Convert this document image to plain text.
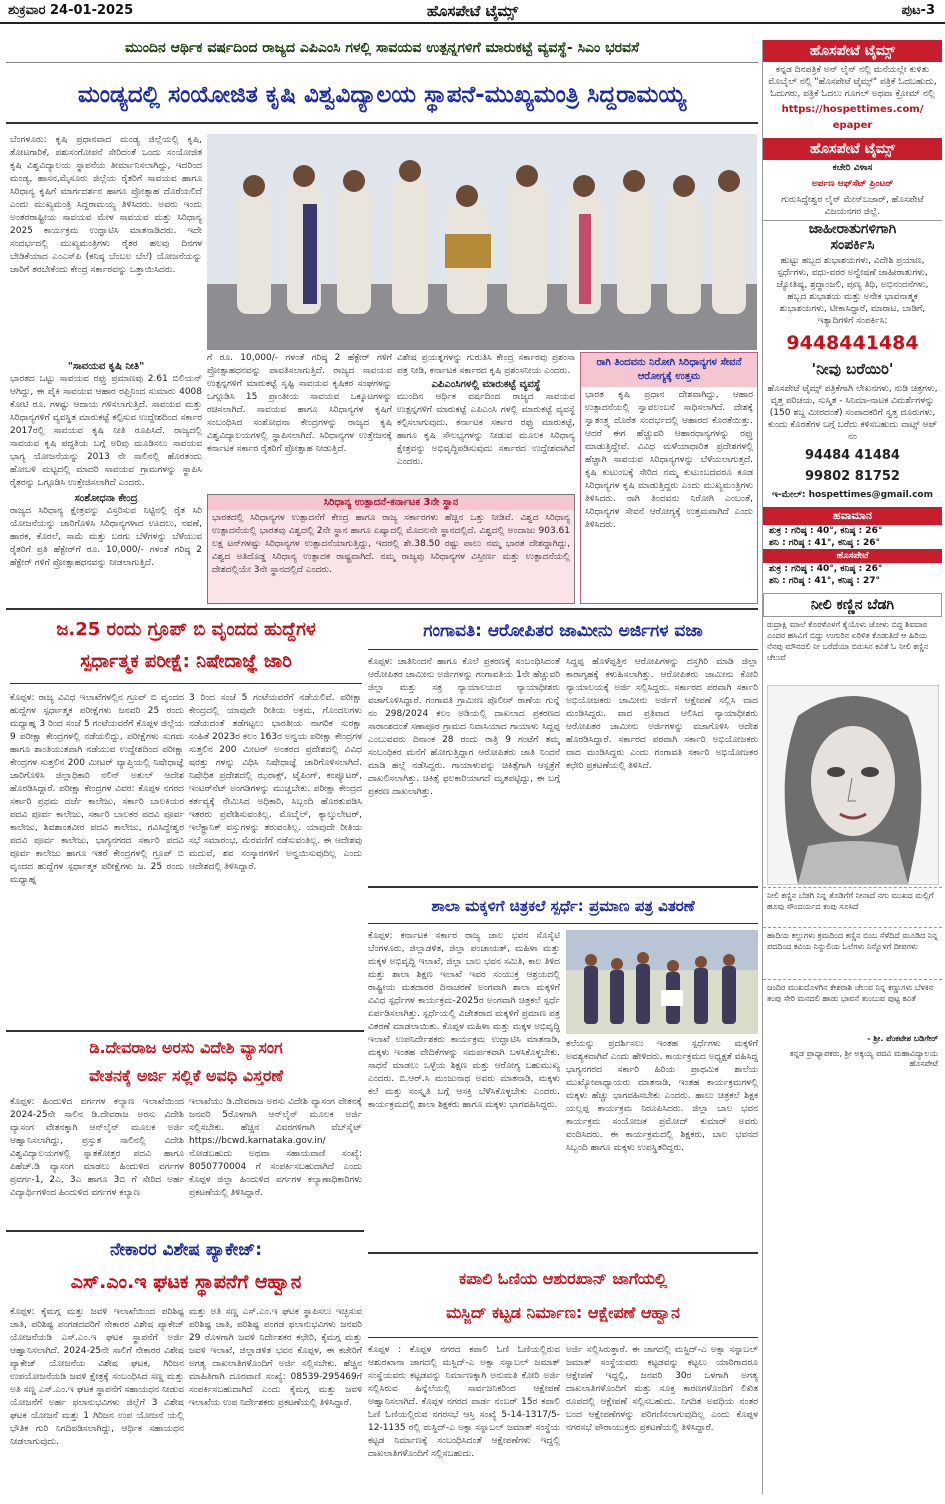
ಶುಕ್ರವಾರ 24-01-2025	ಹೊಸಪೇಟೆ ಟೈಮ್ಸ್	ಪುಟ-3
ಮುಂದಿನ ಆರ್ಥಿಕ ವರ್ಷದಿಂದ ರಾಜ್ಯದ ಎಪಿಎಂಸಿ ಗಳಲ್ಲಿ ಸಾವಯವ ಉತ್ಪನ್ನಗಳಿಗೆ ಮಾರುಕಟ್ಟೆ ವ್ಯವಸ್ಥೆ- ಸಿಎಂ ಭರವಸೆ
ಮಂಡ್ಯದಲ್ಲಿ ಸಂಯೋಜಿತ ಕೃಷಿ ವಿಶ್ವವಿದ್ಯಾಲಯ ಸ್ಥಾಪನೆ-ಮುಖ್ಯಮಂತ್ರಿ ಸಿದ್ದರಾಮಯ್ಯ
ಬೆಂಗಳೂರು: ಕೃಷಿ ಪ್ರಧಾನವಾದ ಮಂಡ್ಯ ಜಿಲ್ಲೆಯಲ್ಲಿ ಕೃಷಿ, ತೋಟಗಾರಿಕೆ, ಪಶುಸಂಗೋಪನೆ ಸೇರಿದಂತೆ ಒಂದು ಸಂಯೋಜಿತ ಕೃಷಿ ವಿಶ್ವವಿದ್ಯಾಲಯ ಸ್ಥಾಪನೆಯ ತೀರ್ಮಾನಿಸಲಾಗಿದ್ದು, ಇದರಿಂದ ಮಂಡ್ಯ, ಹಾಸನ,ಮೈಸೂರು ಜಿಲ್ಲೆಯ ರೈತರಿಗೆ ಸಾವಯವ ಹಾಗೂ ಸಿರಿಧಾನ್ಯ ಕೃಷಿಗೆ ಮಾರ್ಗದರ್ಶನ ಹಾಗೂ ಪ್ರೋತ್ಸಾಹ ದೊರೆಯಲಿದೆ ಎಂದು ಮುಖ್ಯಮಂತ್ರಿ ಸಿದ್ದರಾಮಯ್ಯ ತಿಳಿಸಿದರು. ಅವರು ಇಂದು ಅಂತರರಾಷ್ಟ್ರೀಯ ಸಾವಯವ ಮೇಳ ಸಾವಯವ ಮತ್ತು ಸಿರಿಧಾನ್ಯ 2025 ಕಾರ್ಯಕ್ರಮ ಉದ್ಘಾಟಿಸಿ ಮಾತನಾಡಿದರು. ಇದೇ ಸಂದರ್ಭದಲ್ಲಿ ಮುಖ್ಯಮಂತ್ರಿಗಳು ರೈತರ ಹಲವು ದಿನಗಳ ಬೇಡಿಕೆಯಾದ ಎಂಎಸ್‌ಪಿ (ಕನಿಷ್ಠ ಬೆಂಬಲ ಬೆಲೆ) ಯೋಜನೆಯನ್ನು ಜಾರಿಗೆ ತರಬೇಕೆಂದು ಕೇಂದ್ರ ಸರ್ಕಾರವನ್ನು ಒತ್ತಾಯಿಸಿದರು.
"ಸಾವಯವ ಕೃಷಿ ನೀತಿ"
ಭಾರತದ ಒಟ್ಟು ಸಾವಯವ ರಫ್ತು ಪ್ರಮಾಣವು 2.61 ಬಿಲಿಯನ್ ಆಗಿದ್ದು, ಈ ಪೈಕಿ ಸಾವಯವ ಆಹಾರ ರಫ್ತಿನಿಂದ ಸುಮಾರು 4008 ಕೋಟಿ ರೂ. ಗಳಷ್ಟು ಆದಾಯ ಗಳಿಸಲಾಗುತ್ತಿದೆ. ಸಾವಯವ ಮತ್ತು ಸಿರಿಧಾನ್ಯಗಳಿಗೆ ವ್ಯವಸ್ಥಿತ ಮಾರುಕಟ್ಟೆ ಕಲ್ಪಿಸುವ ಉದ್ದೇಶದಿಂದ ಸರ್ಕಾರ 2017ರಲ್ಲಿ ಸಾವಯವ ಕೃಷಿ ನೀತಿ ರೂಪಿಸಿದೆ. ರಾಜ್ಯದಲ್ಲಿ ಸಾವಯವ ಕೃಷಿ ಪದ್ಧತಿಯ ಬಗ್ಗೆ ಅರಿವು ಮೂಡಿಸಲು ಸಾವಯವ ಭಾಗ್ಯ ಯೋಜನೆಯನ್ನು 2013 ನೇ ಸಾಲಿನಲ್ಲಿ ಹೊರತಂದು ಹೋಬಳಿ ಮಟ್ಟದಲ್ಲಿ ಮಾದರಿ ಸಾವಯವ ಗ್ರಾಮಗಳನ್ನು ಸ್ಥಾಪಿಸಿ ರೈತರನ್ನು ಒಗ್ಗೂಡಿಸಿ ಉತ್ತೇಜಿಸಲಾಗಿದೆ ಎಂದರು.
ಸಂಶೋಧನಾ ಕೇಂದ್ರ
ರಾಜ್ಯದ ಸಿರಿಧಾನ್ಯ ಕ್ಷೇತ್ರವನ್ನು ವಿಸ್ತರಿಸುವ ನಿಟ್ಟಿನಲ್ಲಿ ರೈತ ಸಿರಿ ಯೋಜನೆಯನ್ನು ಜಾರಿಗೊಳಿಸಿ ಸಿರಿಧಾನ್ಯಗಳಾದ ಊದಲು, ನವಣೆ, ಹಾರಕ, ಕೊರಲೆ, ಸಾಮೆ ಮತ್ತು ಬರಗು ಬೆಳೆಗಳನ್ನು ಬೆಳೆಯುವ ರೈತರಿಗೆ ಪ್ರತಿ ಹೆಕ್ಟೇರ್‌ಗೆ ರೂ. 10,000/- ಗಳಂತೆ ಗರಿಷ್ಠ 2 ಹೆಕ್ಟೇರ್ ಗಳಿಗೆ ಪ್ರೋತ್ಸಾಹಧನವನ್ನು ನೀಡಲಾಗುತ್ತಿದೆ.
ಗೆ ರೂ. 10,000/- ಗಳಂತೆ ಗರಿಷ್ಠ 2 ಹೆಕ್ಟೇರ್ ಗಳಿಗೆ ಪ್ರೋತ್ಸಾಹಧನವನ್ನು ಪಾವತಿಸಲಾಗುತ್ತಿದೆ. ರಾಜ್ಯದ ಸಾವಯವ ಉತ್ಪನ್ನಗಳಿಗೆ ಮಾರುಕಟ್ಟೆ ಸೃಷ್ಟಿ ಸಾವಯವ ಕೃಷಿಕರ ಸಂಘಗಳನ್ನು ಒಗ್ಗೂಡಿಸಿ 15 ಪ್ರಾಂತೀಯ ಸಾವಯವ ಒಕ್ಕೂಟಗಳನ್ನು ರಚಿಸಲಾಗಿದೆ. ಸಾವಯವ ಹಾಗೂ ಸಿರಿಧಾನ್ಯಗಳ ಕೃಷಿಗೆ ಸಂಬಂಧಿಸಿದ ಸಂಶೋಧನಾ ಕೇಂದ್ರಗಳನ್ನು ರಾಜ್ಯದ ಕೃಷಿ ವಿಶ್ವವಿದ್ಯಾಲಯಗಳಲ್ಲಿ ಸ್ಥಾಪಿಸಲಾಗಿದೆ. ಸಿರಿಧಾನ್ಯಗಳ ಉತ್ತೇಜನಕ್ಕೆ ಕರ್ನಾಟಕ ಸರ್ಕಾರ ರೈತರಿಗೆ ಪ್ರೋತ್ಸಾಹ ನೀಡುತ್ತಿದೆ.
ವಿಶೇಷ ಪ್ರಯತ್ನಗಳನ್ನು ಗುರುತಿಸಿ ಕೇಂದ್ರ ಸರ್ಕಾರವು ಪ್ರಶಂಸಾ ಪತ್ರ ನೀಡಿ, ಕರ್ನಾಟಕ ಸರ್ಕಾರದ ಕೃಷಿ ಪ್ರಶಂಸನೀಯ ಎಂದರು.
ಎಪಿಎಂಸಿಗಳಲ್ಲಿ ಮಾರುಕಟ್ಟೆ ವ್ಯವಸ್ಥೆ
ಮುಂದಿನ ಆರ್ಥಿಕ ವರ್ಷದಿಂದ ರಾಜ್ಯದ ಸಾವಯವ ಉತ್ಪನ್ನಗಳಿಗೆ ಮಾರುಕಟ್ಟೆ ಎಪಿಎಂಸಿ ಗಳಲ್ಲಿ ಮಾರುಕಟ್ಟೆ ವ್ಯವಸ್ಥೆ ಕಲ್ಪಿಸಲಾಗುವುದು. ಕರ್ನಾಟಕ ಸರ್ಕಾರ ರಫ್ತು ಮಾರುಕಟ್ಟೆ, ಹಾಗೂ ಕೃಷಿ ಸೌಲಭ್ಯಗಳನ್ನು ನೀಡುವ ಮೂಲಕ ಸಿರಿಧಾನ್ಯ ಕ್ಷೇತ್ರವನ್ನು ಅಭಿವೃದ್ಧಿಪಡಿಸುವುದು ಸರ್ಕಾರದ ಉದ್ದೇಶವಾಗಿದೆ ಎಂದರು.
ಸಿರಿಧಾನ್ಯ ಉತ್ಪಾದನೆ-ಕರ್ನಾಟಕ 3ನೇ ಸ್ಥಾನ
ಭಾರತದಲ್ಲಿ ಸಿರಿಧಾನ್ಯಗಳ ಉತ್ಪಾದನೆಗೆ ಕೇಂದ್ರ ಹಾಗೂ ರಾಜ್ಯ ಸರ್ಕಾರಗಳು ಹೆಚ್ಚಿನ ಒತ್ತು ನೀಡಿವೆ. ವಿಶ್ವದ ಸಿರಿಧಾನ್ಯ ಉತ್ಪಾದನೆಯಲ್ಲಿ ಭಾರತವು ವಿಶ್ವದಲ್ಲಿ 2ನೇ ಸ್ಥಾನ ಹಾಗೂ ಏಷ್ಯಾದಲ್ಲಿ ಮೊದಲನೇ ಸ್ಥಾನದಲ್ಲಿದೆ. ವಿಶ್ವದಲ್ಲಿ ಅಂದಾಜು 903.61 ಲಕ್ಷ ಟನ್‌ಗಳಷ್ಟು ಸಿರಿಧಾನ್ಯಗಳ ಉತ್ಪಾದನೆಯಾಗುತ್ತಿದ್ದು, ಇದರಲ್ಲಿ ಶೇ.38.50 ರಷ್ಟು ಪಾಲು ನಮ್ಮ ಭಾರತ ದೇಶದ್ದಾಗಿದ್ದು, ವಿಶ್ವದ ಅತಿದೊಡ್ಡ ಸಿರಿಧಾನ್ಯ ಉತ್ಪಾದಕ ರಾಷ್ಟ್ರವಾಗಿದೆ. ನಮ್ಮ ರಾಜ್ಯವು ಸಿರಿಧಾನ್ಯಗಳ ವಿಸ್ತೀರ್ಣ ಮತ್ತು ಉತ್ಪಾದನೆಯಲ್ಲಿ ದೇಶದಲ್ಲಿಯೇ 3ನೇ ಸ್ಥಾನದಲ್ಲಿದೆ ಎಂದರು.
ರಾಗಿ ತಿಂದವನು ನಿರೋಗಿ ಸಿರಿಧಾನ್ಯಗಳ ಸೇವನೆ ಆರೋಗ್ಯಕ್ಕೆ ಉತ್ತಮ
ಭಾರತ ಕೃಷಿ ಪ್ರಧಾನ ದೇಶವಾಗಿದ್ದು, ಆಹಾರ ಉತ್ಪಾದನೆಯಲ್ಲಿ ಸ್ವಾವಲಂಬನೆ ಸಾಧಿಸಲಾಗಿದೆ. ದೇಶಕ್ಕೆ ಸ್ವಾತಂತ್ರ್ಯ ದೊರೆತ ಸಂದರ್ಭದಲ್ಲಿ ಆಹಾರದ ಕೊರತೆಯಿತ್ತು. ಆದರೆ ಈಗ ಹೆಚ್ಚುವರಿ ಆಹಾರಧಾನ್ಯಗಳನ್ನು ರಫ್ತು ಮಾಡುತ್ತಿದ್ದೇವೆ. ವಿವಿಧ ಮಳೆಯಾಧಾರಿತ ಪ್ರದೇಶಗಳಲ್ಲಿ ಹೆಚ್ಚಾಗಿ ಸಾವಯವ ಸಿರಿಧಾನ್ಯಗಳನ್ನು ಬೆಳೆಯಲಾಗುತ್ತದೆ. ಕೃಷಿ ಕುಟುಂಬಕ್ಕೆ ಸೇರಿದ ನಮ್ಮ ಕುಟುಂಬದವರೂ ಕೂಡ ಸಿರಿಧಾನ್ಯಗಳ ಕೃಷಿ ಮಾಡುತ್ತಿದ್ದರು ಎಂದು ಮುಖ್ಯಮಂತ್ರಿಗಳು ತಿಳಿಸಿದರು. ರಾಗಿ ತಿಂದವನು ನಿರೋಗಿ ಎಂಬಂತೆ, ಸಿರಿಧಾನ್ಯಗಳ ಸೇವನೆ ಆರೋಗ್ಯಕ್ಕೆ ಉತ್ತಮವಾಗಿದೆ ಎಂದು ತಿಳಿಸಿದರು.
ಜ.25 ರಂದು ಗ್ರೂಪ್ ಬಿ ವೃಂದದ ಹುದ್ದೆಗಳ
ಸ್ಪರ್ಧಾತ್ಮಕ ಪರೀಕ್ಷೆ: ನಿಷೇದಾಜ್ಞೆ ಜಾರಿ
ಕೊಪ್ಪಳ: ರಾಜ್ಯ ವಿವಿಧ ಇಲಾಖೆಗಳಲ್ಲಿನ ಗ್ರೂಪ್ ಬಿ ವೃಂದದ ಹುದ್ದೆಗಳ ಸ್ಪರ್ಧಾತ್ಮಕ ಪರೀಕ್ಷೆಗಳು ಜನವರಿ 25 ರಂದು ಮಧ್ಯಾಹ್ನ 3 ರಿಂದ ಸಂಜೆ 5 ಗಂಟೆಯವರೆಗೆ ಕೊಪ್ಪಳ ಜಿಲ್ಲೆಯ 9 ಪರೀಕ್ಷಾ ಕೇಂದ್ರಗಳಲ್ಲಿ ನಡೆಯಲಿದ್ದು, ಪರೀಕ್ಷೆಗಳು ಸುಗಮ ಹಾಗೂ ಶಾಂತಿಯುತವಾಗಿ ನಡೆಯುವ ಉದ್ದೇಶದಿಂದ ಪರೀಕ್ಷಾ ಕೇಂದ್ರಗಳ ಸುತ್ತಲಿನ 200 ಮೀಟರ್ ವ್ಯಾಪ್ತಿಯಲ್ಲಿ ನಿಷೇಧಾಜ್ಞೆ ಜಾರಿಗೊಳಿಸಿ ಜಿಲ್ಲಾಧಿಕಾರಿ ನಲಿನ್ ಅತುಲ್ ಆದೇಶ ಹೊರಡಿಸಿದ್ದಾರೆ. ಪರೀಕ್ಷಾ ಕೇಂದ್ರಗಳ ವಿವರ: ಕೊಪ್ಪಳ ನಗರದ ಸರ್ಕಾರಿ ಪ್ರಥಮ ದರ್ಜೆ ಕಾಲೇಜು, ಸರ್ಕಾರಿ ಬಾಲಕಿಯರ ಪದವಿ ಪೂರ್ವ ಕಾಲೇಜು, ಸರ್ಕಾರಿ ಬಾಲಕರ ಪದವಿ ಪೂರ್ವ ಕಾಲೇಜು, ಶಿವಶಾಂತವೀರ ಪದವಿ ಕಾಲೇಜು, ಗವಿಸಿದ್ದೇಶ್ವರ ಪದವಿ ಪೂರ್ವ ಕಾಲೇಜು, ಭಾಗ್ಯನಗರದ ಸರ್ಕಾರಿ ಪದವಿ ಪೂರ್ವ ಕಾಲೇಜು ಹಾಗೂ ಇತರೆ ಕೇಂದ್ರಗಳಲ್ಲಿ ಗ್ರೂಪ್ ಬಿ ವೃಂದದ ಹುದ್ದೆಗಳ ಸ್ಪರ್ಧಾತ್ಮಕ ಪರೀಕ್ಷೆಗಳು ಜ. 25 ರಂದು ಮಧ್ಯಾಹ್ನ
3 ರಿಂದ ಸಂಜೆ 5 ಗಂಟೆಯವರೆಗೆ ನಡೆಯಲಿವೆ. ಪರೀಕ್ಷಾ ಕೇಂದ್ರದಲ್ಲಿ ಯಾವುದೇ ರೀತಿಯ ಅಕ್ರಮ, ಗೊಂದಲಗಳು ನಡೆಯದಂತೆ ತಡೆಗಟ್ಟಲು ಭಾರತೀಯ ನಾಗರಿಕ ಸುರಕ್ಷಾ ಸಂಹಿತೆ 2023ರ ಕಲಂ 163ರ ಅನ್ವಯ ಪರೀಕ್ಷಾ ಕೇಂದ್ರಗಳ ಸುತ್ತಲಿನ 200 ಮೀಟರ್ ಅಂತರದ ಪ್ರದೇಶದಲ್ಲಿ ವಿವಿಧ ಷರತ್ತು ಗಳನ್ನು ವಿಧಿಸಿ ನಿಷೇಧಾಜ್ಞೆ ಜಾರಿಗೊಳಿಸಲಾಗಿದೆ. ನಿಷೇಧಿತ ಪ್ರದೇಶದಲ್ಲಿ ಝರಾಕ್ಸ್, ಟೈಪಿಂಗ್, ಕಂಪ್ಯೂಟರ್, ಇಂಟರ್‌ನೆಟ್ ಅಂಗಡಿಗಳನ್ನು ಮುಚ್ಚಬೇಕು. ಪರೀಕ್ಷಾ ಕೇಂದ್ರದ ಕರ್ತವ್ಯಕ್ಕೆ ನೇಮಿಸಿದ ಅಧಿಕಾರಿ, ಸಿಬ್ಬಂದಿ ಹೊರತುಪಡಿಸಿ ಇತರರು ಪ್ರವೇಶಿಸುವಂತಿಲ್ಲ. ಮೊಬೈಲ್, ಕ್ಯಾಲ್ಕುಲೇಟರ್, ಇಲೆಕ್ಟ್ರಾನಿಕ್ ವಸ್ತುಗಳನ್ನು ತರುವಂತಿಲ್ಲ. ಯಾವುದೇ ರೀತಿಯ ಸಭೆ ಸಮಾರಂಭ, ಮೆರವಣಿಗೆ ನಡೆಸುವಂತಿಲ್ಲ. ಈ ಆದೇಶವು ಮದುವೆ, ಶವ ಸಂಸ್ಕಾರಗಳಿಗೆ ಅನ್ವಯಿಸುವುದಿಲ್ಲ ಎಂದು ಆದೇಶದಲ್ಲಿ ತಿಳಿಸಿದ್ದಾರೆ.
ಡಿ.ದೇವರಾಜ ಅರಸು ವಿದೇಶಿ ವ್ಯಾಸಂಗ
ವೇತನಕ್ಕೆ ಅರ್ಜಿ ಸಲ್ಲಿಕೆ ಅವಧಿ ವಿಸ್ತರಣೆ
ಕೊಪ್ಪಳ: ಹಿಂದುಳಿದ ವರ್ಗಗಳ ಕಲ್ಯಾಣ ಇಲಾಖೆಯಿಂದ 2024-25ನೇ ಸಾಲಿನ ಡಿ.ದೇವರಾಜ ಅರಸು ವಿದೇಶಿ ವ್ಯಾಸಂಗ ವೇತನಕ್ಕಾಗಿ ಆನ್‌ಲೈನ್ ಮೂಲಕ ಅರ್ಜಿ ಆಹ್ವಾನಿಸಲಾಗಿದ್ದು, ಪ್ರಸ್ತುತ ಸಾಲಿನಲ್ಲಿ ವಿದೇಶಿ ವಿಶ್ವವಿದ್ಯಾಲಯಗಳಲ್ಲಿ ಸ್ನಾತಕೋತ್ತರ ಪದವಿ ಹಾಗೂ ಪಿಹೆಚ್.ಡಿ ವ್ಯಾಸಂಗ ಮಾಡಲು ಹಿಂದುಳಿದ ವರ್ಗಗಳ ಪ್ರವರ್ಗ-1, 2ಎ, 3ಎ ಹಾಗೂ 3ಬಿ ಗೆ ಸೇರಿದ ಅರ್ಹ ವಿದ್ಯಾರ್ಥಿಗಳಿಂದ ಹಿಂದುಳಿದ ವರ್ಗಗಳ ಕಲ್ಯಾಣ
ಇಲಾಖೆಯು ಡಿ.ದೇವರಾಜ ಅರಸು ವಿದೇಶಿ ವ್ಯಾಸಂಗ ವೇತನಕ್ಕೆ ಜನವರಿ 5ರೊಳಗಾಗಿ ಆನ್‌ಲೈನ್ ಮೂಲಕ ಅರ್ಜಿ ಸಲ್ಲಿಸಬೇಕು. ಹೆಚ್ಚಿನ ವಿವರಗಳಿಗಾಗಿ ವೆಬ್‌ಸೈಟ್ https://bcwd.karnataka.gov.in/ ನೋಡಬಹುದು ಅಥವಾ ಸಹಾಯವಾಣಿ ಸಂಖ್ಯೆ: 8050770004 ಗೆ ಸಂಪರ್ಕಿಸಬಹುದಾಗಿದೆ ಎಂದು ಕೊಪ್ಪಳ ಜಿಲ್ಲಾ ಹಿಂದುಳಿದ ವರ್ಗಗಳ ಕಲ್ಯಾಣಾಧಿಕಾರಿಗಳು ಪ್ರಕಟಣೆಯಲ್ಲಿ ತಿಳಿಸಿದ್ದಾರೆ.
ನೇಕಾರರ ವಿಶೇಷ ಪ್ಯಾಕೇಜ್:
ಎಸ್.ಎಂ.ಇ ಘಟಕ ಸ್ಥಾಪನೆಗೆ ಆಹ್ವಾನ
ಕೊಪ್ಪಳ: ಕೈಮಗ್ಗ ಮತ್ತು ಜವಳಿ ಇಲಾಖೆಯಿಂದ ಪರಿಶಿಷ್ಟ ಜಾತಿ, ಪರಿಶಿಷ್ಟ ಪಂಗಡದವರಿಗೆ ನೇಕಾರರ ವಿಶೇಷ ಪ್ಯಾಕೇಜ್ ಯೋಜನೆಯಡಿ ಎಸ್.ಎಂ.ಇ ಘಟಕ ಸ್ಥಾಪನೆಗೆ ಅರ್ಜಿ ಆಹ್ವಾನಿಸಲಾಗಿದೆ. 2024-25ನೇ ಸಾಲಿಗೆ ನೇಕಾರರ ವಿಶೇಷ ಪ್ಯಾಕೇಜ್ ಯೋಜನೆಯ ವಿಶೇಷ ಘಟಕ, ಗಿರಿಜನ ಉಪಯೋಜನೆಯಡಿ ಜವಳಿ ಕ್ಷೇತ್ರಕ್ಕೆ ಸಂಬಂಧಿಸಿದ ಸಣ್ಣ ಮತ್ತು ಅತಿ ಸಣ್ಣ ಎಸ್.ಎಂ.ಇ ಘಟಕ ಸ್ಥಾಪನೆಗೆ ಸಹಾಯಧನ ನೀಡುವ ಯೋಜನೆಗೆ ಅರ್ಹ ಫಲಾನುಭವಿಗಳು ಜಿಲ್ಲೆಗೆ 3 ವಿಶೇಷ ಘಟಕ ಯೋಜನೆ ಮತ್ತು 1 ಗಿರಿಜನ ಉಪ ಯೋಜನೆ ಯಲ್ಲಿ ಭೌತಿಕ ಗುರಿ ನಿಗದಿಪಡಿಸಲಾಗಿದ್ದು, ಆರ್ಥಿಕ ಸಹಾಯಧನ ನೀಡಲಾಗುವುದು.
ಮತ್ತು ಅತಿ ಸಣ್ಣ ಎಸ್.ಎಂ.ಇ ಘಟಕ ಸ್ಥಾಪಿಸಲು ಇಚ್ಛಿಸುವ ಪರಿಶಿಷ್ಟ ಜಾತಿ, ಪರಿಶಿಷ್ಟ ಪಂಗಡ ಫಲಾನುಭವಿಗಳು ಜನವರಿ 29 ರೊಳಗಾಗಿ ಜವಳಿ ನಿರ್ದೇಶಕರ ಕಛೇರಿ, ಕೈಮಗ್ಗ ಮತ್ತು ಜವಳಿ ಇಲಾಖೆ, ಜಿಲ್ಲಾಡಳಿತ ಭವನ ಕೊಪ್ಪಳ, ಈ ಕಚೇರಿಗೆ ಅಗತ್ಯ ದಾಖಲಾತಿಗಳೊಂದಿಗೆ ಅರ್ಜಿ ಸಲ್ಲಿಸಬೇಕು. ಹೆಚ್ಚಿನ ಮಾಹಿತಿಗಾಗಿ ದೂರವಾಣಿ ಸಂಖ್ಯೆ: 08539-295469ಗೆ ಸಂಪರ್ಕಿಸಬಹುದಾಗಿದೆ ಎಂದು ಕೈಮಗ್ಗ ಮತ್ತು ಜವಳಿ ಇಲಾಖೆಯ ಉಪ ನಿರ್ದೇಶಕರು ಪ್ರಕಟಣೆಯಲ್ಲಿ ತಿಳಿಸಿದ್ದಾರೆ.
ಗಂಗಾವತಿ: ಆರೋಪಿತರ ಜಾಮೀನು ಅರ್ಜಿಗಳ ವಜಾ
ಕೊಪ್ಪಳ: ಜಾತಿನಿಂದನೆ ಹಾಗೂ ಕೊಲೆ ಪ್ರಕರಣಕ್ಕೆ ಸಂಬಂಧಿಸಿದಂತೆ ಆರೋಪಿತರ ಜಾಮೀನು ಅರ್ಜಿಗಳನ್ನು ಗಂಗಾವತಿಯ 1ನೇ ಹೆಚ್ಚುವರಿ ಜಿಲ್ಲಾ ಮತ್ತು ಸತ್ರ ನ್ಯಾಯಾಲಯದ ನ್ಯಾಯಾಧೀಶರು ವಜಾಗೊಳಿಸಿದ್ದಾರೆ. ಗಂಗಾವತಿ ಗ್ರಾಮೀಣ ಪೊಲೀಸ್ ಠಾಣೆಯ ಗುನ್ನೆ ನಂ 298/2024 ಕಲಂ ಅಡಿಯಲ್ಲಿ ದಾಖಲಾದ ಪ್ರಕರಣದ ಸಾರಾಂಶದಂತೆ ಸಣಾಪೂರ ಗ್ರಾಮದ ನಿವಾಸಿಯಾದ ಗಾಯಾಳು ಸಿದ್ದಪ್ಪ ಎಂಬುವವರು ದಿನಾಂಕ 28 ರಂದು ರಾತ್ರಿ 9 ಗಂಟೆಗೆ ತಮ್ಮ ಸಂಬಂಧಿಕರ ಮನೆಗೆ ಹೋಗುತ್ತಿದ್ದಾಗ ಆರೋಪಿತರು ಜಾತಿ ನಿಂದನೆ ಮಾಡಿ ಹಲ್ಲೆ ನಡೆಸಿದ್ದರು. ಗಾಯಾಳುವನ್ನು ಚಿಕಿತ್ಸೆಗಾಗಿ ಆಸ್ಪತ್ರೆಗೆ ದಾಖಲಿಸಲಾಗಿತ್ತು. ಚಿಕಿತ್ಸೆ ಫಲಕಾರಿಯಾಗದೆ ಮೃತಪಟ್ಟಿದ್ದು, ಈ ಬಗ್ಗೆ ಪ್ರಕರಣ ದಾಖಲಾಗಿತ್ತು.
ಸಿದ್ದಪ್ಪ ಹೊಳೆಪ್ಪತ್ತಿನ ಆರೋಪಿಗಳನ್ನು ದಸ್ತಗಿರಿ ಮಾಡಿ ಜಿಲ್ಲಾ ಕಾರಾಗೃಹಕ್ಕೆ ಕಳುಹಿಸಲಾಗಿತ್ತು. ಆರೋಪಿತರು ಜಾಮೀನು ಕೋರಿ ನ್ಯಾಯಾಲಯಕ್ಕೆ ಅರ್ಜಿ ಸಲ್ಲಿಸಿದ್ದರು. ಸರ್ಕಾರದ ಪರವಾಗಿ ಸರ್ಕಾರಿ ಅಭಿಯೋಜಕರು ಜಾಮೀನು ಅರ್ಜಿಗೆ ಆಕ್ಷೇಪಣೆ ಸಲ್ಲಿಸಿ ವಾದ ಮಂಡಿಸಿದ್ದರು. ವಾದ ಪ್ರತಿವಾದ ಆಲಿಸಿದ ನ್ಯಾಯಾಧೀಶರು ಆರೋಪಿತರ ಜಾಮೀನು ಅರ್ಜಿಗಳನ್ನು ವಜಾಗೊಳಿಸಿ ಆದೇಶ ಹೊರಡಿಸಿದ್ದಾರೆ. ಸರ್ಕಾರದ ಪರವಾಗಿ ಸರ್ಕಾರಿ ಅಭಿಯೋಜಕರು ವಾದ ಮಂಡಿಸಿದ್ದರು ಎಂದು ಗಂಗಾವತಿ ಸರ್ಕಾರಿ ಅಭಿಯೋಜಕರ ಕಛೇರಿ ಪ್ರಕಟಣೆಯಲ್ಲಿ ತಿಳಿಸಿದೆ.
ಶಾಲಾ ಮಕ್ಕಳಿಗೆ ಚಿತ್ರಕಲೆ ಸ್ಪರ್ಧೆ: ಪ್ರಮಾಣ ಪತ್ರ ವಿತರಣೆ
ಕೊಪ್ಪಳ: ಕರ್ನಾಟಕ ಸರ್ಕಾರ ರಾಜ್ಯ ಜಾಲ ಭವನ ಸೊಸೈಟಿ ಬೆಂಗಳೂರು, ಜಿಲ್ಲಾಡಳಿತ, ಜಿಲ್ಲಾ ಪಂಚಾಯತ್, ಮಹಿಳಾ ಮತ್ತು ಮಕ್ಕಳ ಅಭಿವೃದ್ಧಿ ಇಲಾಖೆ, ಜಿಲ್ಲಾ ಬಾಲ ಭವನ ಸಮಿತಿ, ಕಾಲ ತಿಳಿದ ಮತ್ತು ಶಾಲಾ ಶಿಕ್ಷಣ ಇಲಾಖೆ ಇವರ ಸಂಯುಕ್ತ ಆಶ್ರಯದಲ್ಲಿ ರಾಷ್ಟ್ರೀಯ ಮತದಾರರ ದಿನಾಚರಣೆ ಅಂಗವಾಗಿ ಶಾಲಾ ಮಕ್ಕಳಿಗೆ ವಿವಿಧ ಸ್ಪರ್ಧೆಗಳ ಕಾರ್ಯಕ್ರಮ-2025ರ ಅಂಗವಾಗಿ ಚಿತ್ರಕಲೆ ಸ್ಪರ್ಧೆ ಏರ್ಪಡಿಸಲಾಗಿತ್ತು. ಸ್ಪರ್ಧೆಯಲ್ಲಿ ವಿಜೇತರಾದ ಮಕ್ಕಳಿಗೆ ಪ್ರಮಾಣ ಪತ್ರ ವಿತರಣೆ ಮಾಡಲಾಯಿತು. ಕೊಪ್ಪಳ ಮಹಿಳಾ ಮತ್ತು ಮಕ್ಕಳ ಅಭಿವೃದ್ಧಿ ಇಲಾಖೆ ಉಪನಿರ್ದೇಶಕರು ಕಾರ್ಯಕ್ರಮ ಉದ್ಘಾಟಿಸಿ ಮಾತನಾಡಿ, ಮಕ್ಕಳು ಇಂತಹ ವೇದಿಕೆಗಳನ್ನು ಸಮರ್ಪಕವಾಗಿ ಬಳಸಿಕೊಳ್ಳಬೇಕು. ಸಾಧನೆ ಮಾಡಲು ಒಳ್ಳೆಯ ಶಿಕ್ಷಣ ಮತ್ತು ಆರೋಗ್ಯ ಬಹುಮುಖ್ಯ ಎಂದರು. ಬಿ.ಆರ್.ಸಿ ಮಂಜುನಾಥ ಅವರು ಮಾತನಾಡಿ, ಮಕ್ಕಳು ಕಲೆ ಮತ್ತು ಸಂಸ್ಕೃತಿ ಬಗ್ಗೆ ಆಸಕ್ತಿ ಬೆಳೆಸಿಕೊಳ್ಳಬೇಕು ಎಂದರು. ಕಾರ್ಯಕ್ರಮದಲ್ಲಿ ಶಾಲಾ ಶಿಕ್ಷಕರು ಹಾಗೂ ಮಕ್ಕಳು ಭಾಗವಹಿಸಿದ್ದರು.
ಕಲೆಯನ್ನು ಪ್ರದರ್ಶಿಸಲು ಇಂತಹ ಸ್ಪರ್ಧೆಗಳು ಮಕ್ಕಳಿಗೆ ಅವಶ್ಯಕವಾಗಿವೆ ಎಂದು ಹೇಳಿದರು. ಕಾರ್ಯಕ್ರಮದ ಅಧ್ಯಕ್ಷತೆ ವಹಿಸಿದ್ದ ಭಾಗ್ಯನಗರದ ಸರ್ಕಾರಿ ಹಿರಿಯ ಪ್ರಾಥಮಿಕ ಶಾಲೆಯ ಮುಖ್ಯೋಪಾಧ್ಯಾಯರು ಮಾತನಾಡಿ, ಇಂತಹ ಕಾರ್ಯಕ್ರಮಗಳಲ್ಲಿ ಮಕ್ಕಳು ಹೆಚ್ಚು ಭಾಗವಹಿಸಬೇಕು ಎಂದರು. ಹಾಲು ಚಿತ್ರಕಲೆ ಶಿಕ್ಷಕ ಯಲ್ಲಪ್ಪ ಕಾರ್ಯಕ್ರಮ ನಿರೂಪಿಸಿದರು. ಜಿಲ್ಲಾ ಬಾಲ ಭವನ ಕಾರ್ಯಕ್ರಮ ಸಂಯೋಜಕ ಪ್ರಮೋದ್ ಕುಮಾರ್ ಅವರು ವಂದಿಸಿದರು. ಈ ಕಾರ್ಯಕ್ರಮದಲ್ಲಿ ಶಿಕ್ಷಕರು, ಬಾಲ ಭವನದ ಸಿಬ್ಬಂದಿ ಹಾಗೂ ಮಕ್ಕಳು ಉಪಸ್ಥಿತರಿದ್ದರು.
ಕಪಾಲಿ ಓಣಿಯ ಆಶುರಖಾನ್ ಜಾಗೆಯಲ್ಲಿ
ಮಸ್ಜಿದ್ ಕಟ್ಟಡ ನಿರ್ಮಾಣ: ಆಕ್ಷೇಪಣೆ ಆಹ್ವಾನ
ಕೊಪ್ಪಳ : ಕೊಪ್ಪಳ ನಗರದ ಕಪಾಲಿ ಓಣಿ ಓಣಿಯಲ್ಲಿರುವ ಆಶುರಖಾನಾ ಜಾಗದಲ್ಲಿ ಮಸ್ಜಿದ್-ಎ ಅಕ್ಸಾ ಸಸ್ನಾಬಲ್ ಜಮಾತ್ ಸಂಸ್ಥೆಯವರು ಕಟ್ಟಡವನ್ನು ನಿರ್ಮಾಣಕ್ಕಾಗಿ ಅನುಮತಿ ಕೋರಿ ಅರ್ಜಿ ಸಲ್ಲಿಸಿರುವ ಹಿನ್ನೆಲೆಯಲ್ಲಿ ಸಾರ್ವಜನಿಕರಿಂದ ಆಕ್ಷೇಪಣೆ ಆಹ್ವಾನಿಸಲಾಗಿದೆ. ಕೊಪ್ಪಳ ನಗರದ ವಾರ್ಡ ನಂಬರ್ 15ರ ಕಪಾಲಿ ಓಣಿ ಓಣಿಯಲ್ಲಿರುವ ನಗರಸಭೆ ಆಸ್ತಿ ಸಂಖ್ಯೆ 5-14-1317/5-12-1135 ರಲ್ಲಿ ಮಸ್ಜಿದ್-ಎ ಅಕ್ಸಾ ಸಸ್ನಾಬಲ್ ಜಮಾತ್ ಸಂಸ್ಥೆಯ ಕಟ್ಟಡ ನಿರ್ಮಾಣಕ್ಕೆ ಸಂಬಂಧಿಸಿದಂತೆ ಆಕ್ಷೇಪಣೆಗಳು ಇದ್ದಲ್ಲಿ ದಾಖಲಾತಿಗಳೊಂದಿಗೆ ಸಲ್ಲಿಸಬಹುದು.
ಅರ್ಜಿ ಸಲ್ಲಿಸಿರುತ್ತಾರೆ. ಈ ಜಾಗದಲ್ಲಿ ಮಸ್ಜಿದ್-ಎ ಅಕ್ಸಾ ಸಸ್ನಾಬಲ್ ಜಮಾತ್ ಸಂಸ್ಥೆಯವರು ಕಟ್ಟಡವನ್ನು ಕಟ್ಟಲು ಯಾರಿಗಾದರೂ ಆಕ್ಷೇಪಣೆ ಇದ್ದಲ್ಲಿ, ಜನವರಿ 30ರ ಒಳಗಾಗಿ ಅಗತ್ಯ ದಾಖಲಾತಿಗಳೊಂದಿಗೆ ಮತ್ತು ಸೂಕ್ತ ಕಾರಣಗಳೊಂದಿಗೆ ಲಿಖಿತ ರೂಪದಲ್ಲಿ ಆಕ್ಷೇಪಣೆ ಸಲ್ಲಿಸಬಹುದು. ನಿಗದಿತ ಅವಧಿಯ ನಂತರ ಬಂದ ಆಕ್ಷೇಪಣೆಗಳನ್ನು ಪರಿಗಣಿಸಲಾಗುವುದಿಲ್ಲ ಎಂದು ಕೊಪ್ಪಳ ನಗರಸಭೆ ಪೌರಾಯುಕ್ತರು ಪ್ರಕಟಣೆಯಲ್ಲಿ ತಿಳಿಸಿದ್ದಾರೆ.
ಹೊಸಪೇಟೆ ಟೈಮ್ಸ್
ಕನ್ನಡ ದಿನಪತ್ರಿಕೆ ಅನ್ ಲೈನ್ ನಲ್ಲಿ ಮನೆಯಲ್ಲೇ ಕುಳಿತು ಮೊಬೈಲ್ ನಲ್ಲಿ "ಹೊಸಪೇಟೆ ಟೈಮ್ಸ್" ಪತ್ರಿಕೆ ಓದಬಹುದು, ಓದುಗರು, ಪತ್ರಿಕೆ ಓದಲು ಗೂಗಲ್ ಅಥವಾ ಕ್ರೋಮ್ ನಲ್ಲಿ
https://hospettimes.com/
epaper
ಹೊಸಪೇಟೆ ಟೈಮ್ಸ್
ಕಚೇರಿ ವಿಳಾಸ
ಅರ್ಪಣ ಆಫ್‌ಸೆಟ್ ಪ್ರಿಂಟರ್
ಗುರುಸಿದ್ಧೇಶ್ವರ ಲೈನ್ ಮೇನ್‌ಬಜಾರ್, ಹೊಸಪೇಟೆ ವಿಜಯನಗರ ಜಿಲ್ಲೆ.
ಜಾಹೀರಾತುಗಳಿಗಾಗಿ
ಸಂಪರ್ಕಿಸಿ
ಹುಟ್ಟು ಹಬ್ಬದ ಶುಭಾಶಯಗಳು, ವಿದೇಶಿ ಪ್ರಯಾಣ, ಸ್ಪರ್ಧೆಗಳು, ವಧು-ವರರ ಅನ್ವೇಷಣೆ ಜಾಹೀರಾತುಗಳು, ಜ್ಯೋತಿಷ್ಯ, ಶ್ರದ್ಧಾಂಜಲಿ, ಪುಣ್ಯ ತಿಥಿ, ಅಭಿನಂದನೆಗಳು, ಹಬ್ಬದ ಶುಭಾಶಯ ಮತ್ತು ಅನೇಕ ಭಾವನಾತ್ಮಕ ಶುಭಾಶಯಗಳು, ಟೀಕಾಸಿದ್ದಾರೆ, ಮಾರಾಟ, ಬಾಡಿಗೆ, ಇತ್ಯಾದಿಗಳಿಗೆ ಸಂಪರ್ಕಿಸಿ:
9448441484
'ನೀವು ಬರೆಯಿರಿ'
ಹೊಸಪೇಟೆ ಟೈಮ್ಸ್ ಪತ್ರಿಕೆಗಾಗಿ ಲೇಖನಗಳು, ನುಡಿ ಚಿತ್ರಗಳು, ವೃತ್ತ ಪರಿಚಯ, ಸುಸ್ಮಿತ - ಸಿನಿಮಾ-ನಾಟಕ ವಿಮರ್ಶೆಗಳನ್ನು (150 ಶಬ್ದ ಮೀರದಂತೆ) ಸಂಪಾದಕರಿಗೆ ಸ್ವತ್ತ ದೂರುಗಳು, ಕುಂದು ಕೊರತೆಗಳ ಬಗ್ಗೆ ಬರೆದು ಕಳಿಸಬಹುದು ವಾಟ್ಸ್ ಆಪ್ ನಂ
94484 41484
99802 81752
ಇ-ಮೇಲ್: hospettimes@gmail.com
ಹವಾಮಾನ
ಶುಕ್ರ : ಗರಿಷ್ಠ : 40°, ಕನಿಷ್ಠ : 26°
ಶನಿ : ಗರಿಷ್ಠ : 41°, ಕನಿಷ್ಠ : 26°
ಹೊಸಪೇಟೆ
ಶುಕ್ರ : ಗರಿಷ್ಠ : 40°, ಕನಿಷ್ಠ : 26°
ಶನಿ : ಗರಿಷ್ಠ : 41°, ಕನಿಷ್ಠ : 27°
ನೀಲಿ ಕಣ್ಣಿನ ಬೆಡಗಿ
ರುದ್ರಾಕ್ಷಿ ಮಾಲೆ ಕೊರಳೊಳಗೆ ಕೈಯೊಳು ಜೋಳು ಬಿದ್ದ ಶಿವದಾರ ಎಂದರ ಹಸಿವಿಗೆ ಬಿದ್ದು ಉಗುರಿನ ಏರಿಳಿತ ಕೊಡುತಿದೆ ಆ ಹಿರಿಯ ನೆನಪು ಮೌನದಲಿ ನೀ ಬರೆದೆಯಾ ಬಿರುಸಿನ ಕವಿತೆ ಓ ನೀಲಿ ಕಣ್ಣಿನ ಚೆಲುವೆ
ನೀಲಿ ಕಣ್ಣಿನ ಬೆಡಗಿ ನಿನ್ನ ತೊಡಿಗೆಗೆ ನೀನಾದೆ ನಗು ಮುಖದ ಮಲ್ಲಿಗೆ ಹೂವು ಸೌಂದರ್ಯದ ಕಂಪು ಸೂಸಿದೆ
ಹಾದಿಯ ಕಲ್ಲುಗಳು ಕ್ರಮದಿಂದ ಕಣ್ಣಿನ ಬಿಂಬ ಸೆಳೆದಿದೆ ಮೂಡಿದ ನಿನ್ನ ಪದದಿಂದ ಕವಿಯ ನಿನ್ನುಲಿಯ ಓಲೆಗಳು ನಿನ್ನೊಳಗೆ ದೀಪಗಳು
ಜಂದಿರ ಮುಖದೊಳಗಿನ ಕೇಶರಾಶಿ ಚೆಲುವ ನಿನ್ನ ಕಣ್ಣುಗಳು ಬೆಳಕಿನ ತಂಪು ಸೇರಿ ಮನದಲಿ ಹಾಡು ಭಾವನೆ ತುಂಬುವ ಪುಟ್ಟ ಕವಿತೆ
- ಶ್ರೀ. ಪೆಂಕಟೇಶ ಬಡಿಗೇರ್
ಕನ್ನಡ ಪ್ರಾಧ್ಯಾಪಕರು, ಶ್ರೀ ಅಕ್ಕಯ್ಯ ಪದವಿ ಮಹಾವಿದ್ಯಾಲಯ ಹೊಸಪೇಟೆ
